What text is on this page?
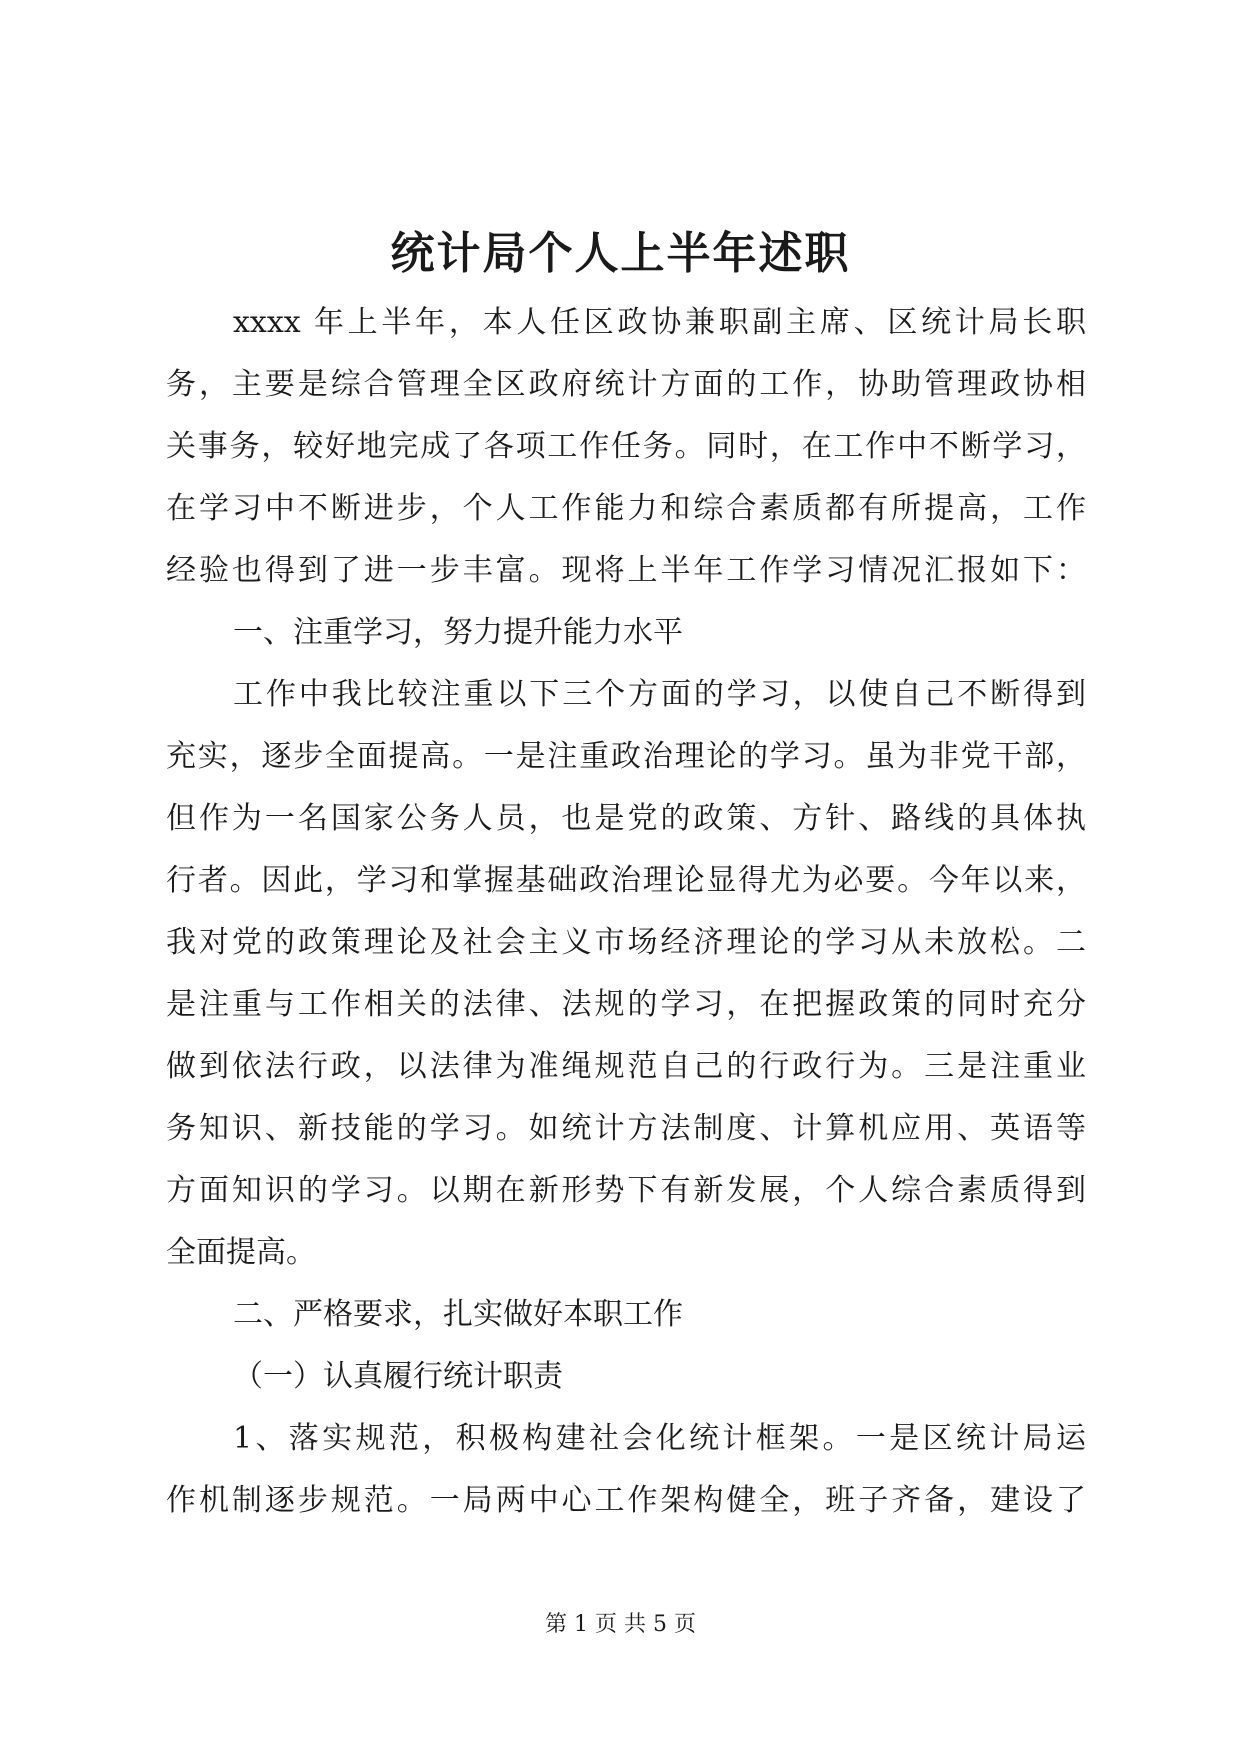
统计局个人上半年述职
xxxx 年上半年，本人任区政协兼职副主席、区统计局长职
务，主要是综合管理全区政府统计方面的工作，协助管理政协相
关事务，较好地完成了各项工作任务。同时，在工作中不断学习，
在学习中不断进步，个人工作能力和综合素质都有所提高，工作
经验也得到了进一步丰富。现将上半年工作学习情况汇报如下：
一、注重学习，努力提升能力水平
工作中我比较注重以下三个方面的学习，以使自己不断得到
充实，逐步全面提高。一是注重政治理论的学习。虽为非党干部，
但作为一名国家公务人员，也是党的政策、方针、路线的具体执
行者。因此，学习和掌握基础政治理论显得尤为必要。今年以来，
我对党的政策理论及社会主义市场经济理论的学习从未放松。二
是注重与工作相关的法律、法规的学习，在把握政策的同时充分
做到依法行政，以法律为准绳规范自己的行政行为。三是注重业
务知识、新技能的学习。如统计方法制度、计算机应用、英语等
方面知识的学习。以期在新形势下有新发展，个人综合素质得到
全面提高。
二、严格要求，扎实做好本职工作
（一）认真履行统计职责
1、落实规范，积极构建社会化统计框架。一是区统计局运
作机制逐步规范。一局两中心工作架构健全，班子齐备，建设了
第 1 页 共 5 页
